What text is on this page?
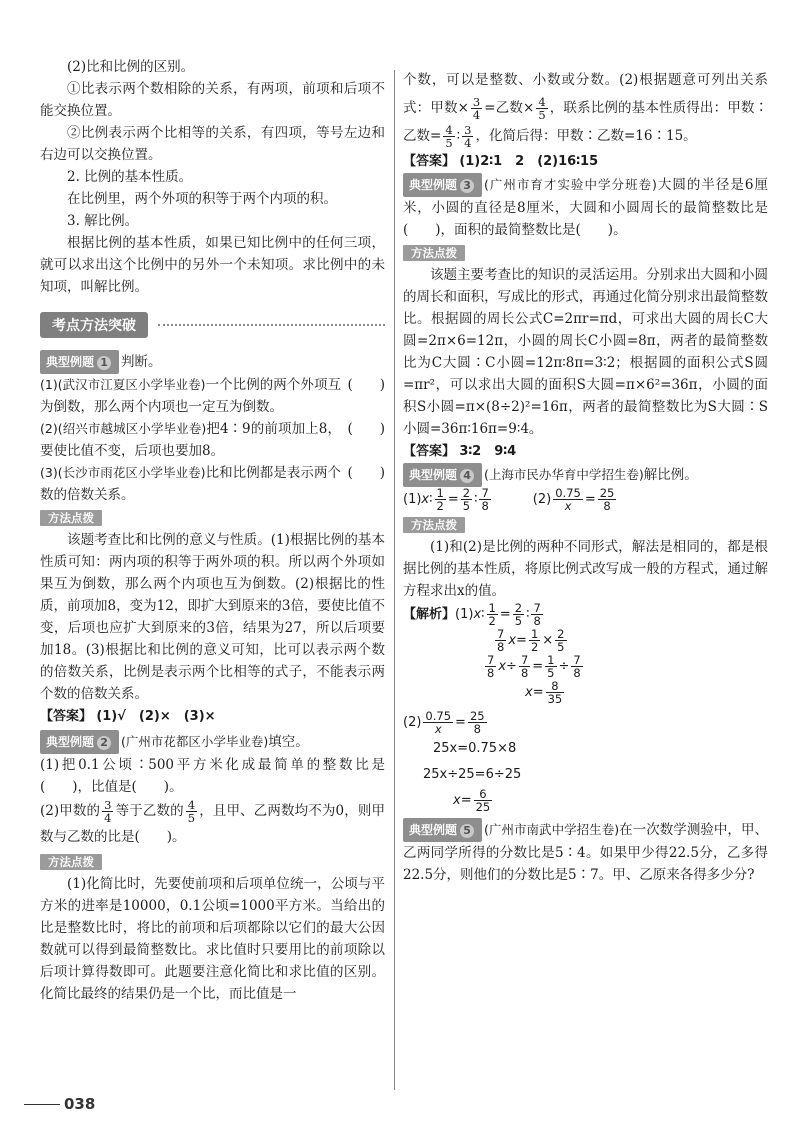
(2)比和比例的区别。

①比表示两个数相除的关系，有两项，前项和后项不能交换位置。

②比例表示两个比相等的关系，有四项，等号左边和右边可以交换位置。

2. 比例的基本性质。

在比例里，两个外项的积等于两个内项的积。

3. 解比例。

根据比例的基本性质，如果已知比例中的任何三项，就可以求出这个比例中的另外一个未知项。求比例中的未知项，叫解比例。

考点方法突破

典型例题 1 判断。

(1)(武汉市江夏区小学毕业卷)一个比例的两个外项互为倒数，那么两个内项也一定互为倒数。

(　　)

(2)(绍兴市越城区小学毕业卷)把4∶9的前项加上8，要使比值不变，后项也要加8。

(　　)

(3)(长沙市雨花区小学毕业卷)比和比例都是表示两个数的倍数关系。

(　　)

方法点拨

该题考查比和比例的意义与性质。(1)根据比例的基本性质可知：两内项的积等于两外项的积。所以两个外项如果互为倒数，那么两个内项也互为倒数。(2)根据比的性质，前项加8，变为12，即扩大到原来的3倍，要使比值不变，后项也应扩大到原来的3倍，结果为27，所以后项要加18。(3)根据比和比例的意义可知，比可以表示两个数的倍数关系，比例是表示两个比相等的式子，不能表示两个数的倍数关系。

【答案】 (1)√　(2)×　(3)×

典型例题 2 (广州市花都区小学毕业卷)填空。

(1)把0.1公顷∶500平方米化成最简单的整数比是(　　)，比值是(　　)。

(2)甲数的 $\frac{3}{4}$ 等于乙数的 $\frac{4}{5}$ ，且甲、乙两数均不为0，则甲数与乙数的比是(　　)。

方法点拨

(1)化简比时，先要使前项和后项单位统一，公顷与平方米的进率是10000，0.1公顷=1000平方米。当给出的比是整数比时，将比的前项和后项都除以它们的最大公因数就可以得到最简整数比。求比值时只要用比的前项除以后项计算得数即可。此题要注意化简比和求比值的区别。化简比最终的结果仍是一个比，而比值是一

个数，可以是整数、小数或分数。(2)根据题意可列出关系式：甲数× $\frac{3}{4}$ =乙数× $\frac{4}{5}$ ，联系比例的基本性质得出：甲数∶乙数= $\frac{4}{5}$ ∶ $\frac{3}{4}$ ，化简后得：甲数∶乙数=16∶15。

【答案】 (1)2∶1　2　(2)16∶15

典型例题 3 (广州市育才实验中学分班卷)大圆的半径是6厘米，小圆的直径是8厘米，大圆和小圆周长的最简整数比是(　　)，面积的最简整数比是(　　)。

方法点拨

该题主要考查比的知识的灵活运用。分别求出大圆和小圆的周长和面积，写成比的形式，再通过化简分别求出最简整数比。根据圆的周长公式C=2πr=πd，可求出大圆的周长C大圆=2π×6=12π，小圆的周长C小圆=8π，两者的最简整数比为C大圆∶C小圆=12π∶8π=3∶2；根据圆的面积公式S圆=πr²，可以求出大圆的面积S大圆=π×6²=36π，小圆的面积S小圆=π×(8÷2)²=16π，两者的最简整数比为S大圆∶S小圆=36π∶16π=9∶4。

【答案】 3∶2　9∶4

典型例题 4 (上海市民办华育中学招生卷)解比例。

(1)x∶ $\frac{1}{2} = \frac{2}{5}$ ∶ $\frac{7}{8}$	$(2) \frac{0.75}{x} = \frac{25}{8}$
方法点拨

(1)和(2)是比例的两种不同形式，解法是相同的，都是根据比例的基本性质，将原比例式改写成一般的方程式，通过解方程求出x的值。

【解析】(1)x∶ $\frac{1}{2} = \frac{2}{5}$ ∶ $\frac{7}{8}$
$\frac{7}{8} x= \frac{1}{2} \times \frac{2}{5}$
$\frac{7}{8} x\div \frac{7}{8} = \frac{1}{5} \div \frac{7}{8}$
$x= \frac{8}{35}$
$(2) \frac{0.75}{x} = \frac{25}{8}$
25x=0.75×8
25x÷25=6÷25
$x= \frac{6}{25}$

典型例题 5 (广州市南武中学招生卷)在一次数学测验中，甲、乙两同学所得的分数比是5∶4。如果甲少得22.5分，乙多得22.5分，则他们的分数比是5∶7。甲、乙原来各得多少分?

038
